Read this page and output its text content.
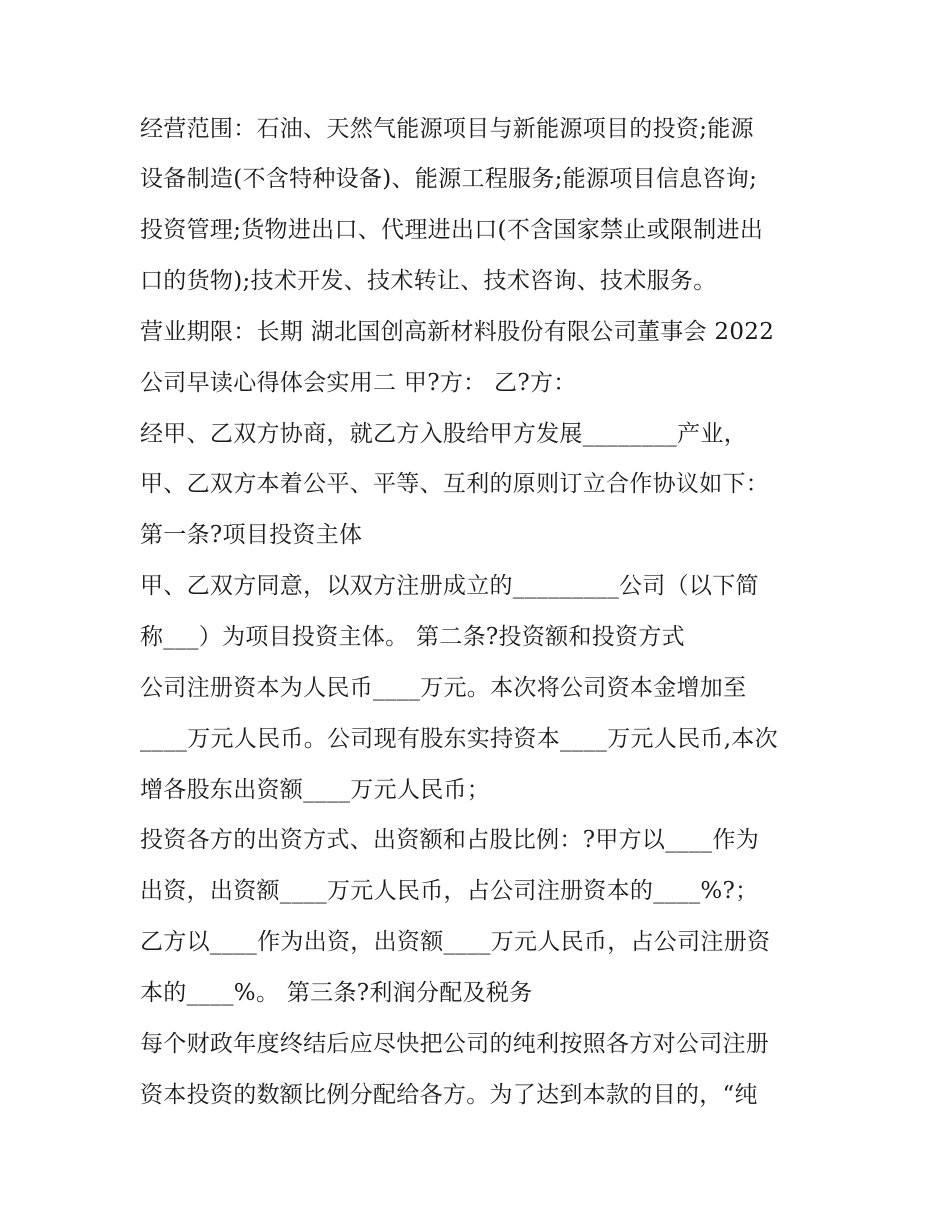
经营范围：石油、天然气能源项目与新能源项目的投资;能源
设备制造(不含特种设备)、能源工程服务;能源项目信息咨询;
投资管理;货物进出口、代理进出口(不含国家禁止或限制进出
口的货物);技术开发、技术转让、技术咨询、技术服务。
营业期限：长期 湖北国创高新材料股份有限公司董事会 2022
公司早读心得体会实用二 甲?方： 乙?方：
经甲、乙双方协商，就乙方入股给甲方发展________产业，
甲、乙双方本着公平、平等、互利的原则订立合作协议如下：
第一条?项目投资主体
甲、乙双方同意，以双方注册成立的_________公司（以下简
称___）为项目投资主体。 第二条?投资额和投资方式
公司注册资本为人民币____万元。本次将公司资本金增加至
____万元人民币。公司现有股东实持资本____万元人民币,本次
增各股东出资额____万元人民币；
投资各方的出资方式、出资额和占股比例：?甲方以____作为
出资，出资额____万元人民币，占公司注册资本的____%?；
乙方以____作为出资，出资额____万元人民币，占公司注册资
本的____%。 第三条?利润分配及税务
每个财政年度终结后应尽快把公司的纯利按照各方对公司注册
资本投资的数额比例分配给各方。为了达到本款的目的，“纯
